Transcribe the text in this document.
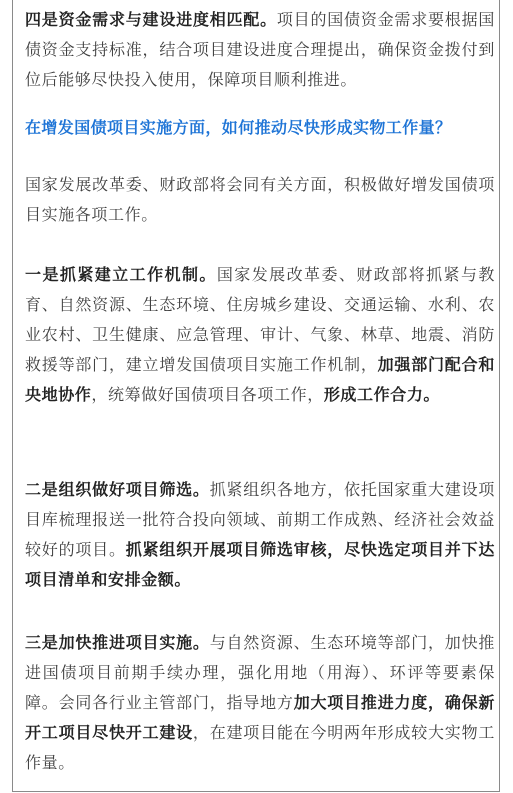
四是资金需求与建设进度相匹配。项目的国债资金需求要根据国债资金支持标准，结合项目建设进度合理提出，确保资金拨付到位后能够尽快投入使用，保障项目顺利推进。

在增发国债项目实施方面，如何推动尽快形成实物工作量？

国家发展改革委、财政部将会同有关方面，积极做好增发国债项目实施各项工作。

一是抓紧建立工作机制。国家发展改革委、财政部将抓紧与教育、自然资源、生态环境、住房城乡建设、交通运输、水利、农业农村、卫生健康、应急管理、审计、气象、林草、地震、消防救援等部门，建立增发国债项目实施工作机制，加强部门配合和央地协作，统筹做好国债项目各项工作，形成工作合力。

二是组织做好项目筛选。抓紧组织各地方，依托国家重大建设项目库梳理报送一批符合投向领域、前期工作成熟、经济社会效益较好的项目。抓紧组织开展项目筛选审核，尽快选定项目并下达项目清单和安排金额。

三是加快推进项目实施。与自然资源、生态环境等部门，加快推进国债项目前期手续办理，强化用地（用海）、环评等要素保障。会同各行业主管部门，指导地方加大项目推进力度，确保新开工项目尽快开工建设，在建项目能在今明两年形成较大实物工作量。
